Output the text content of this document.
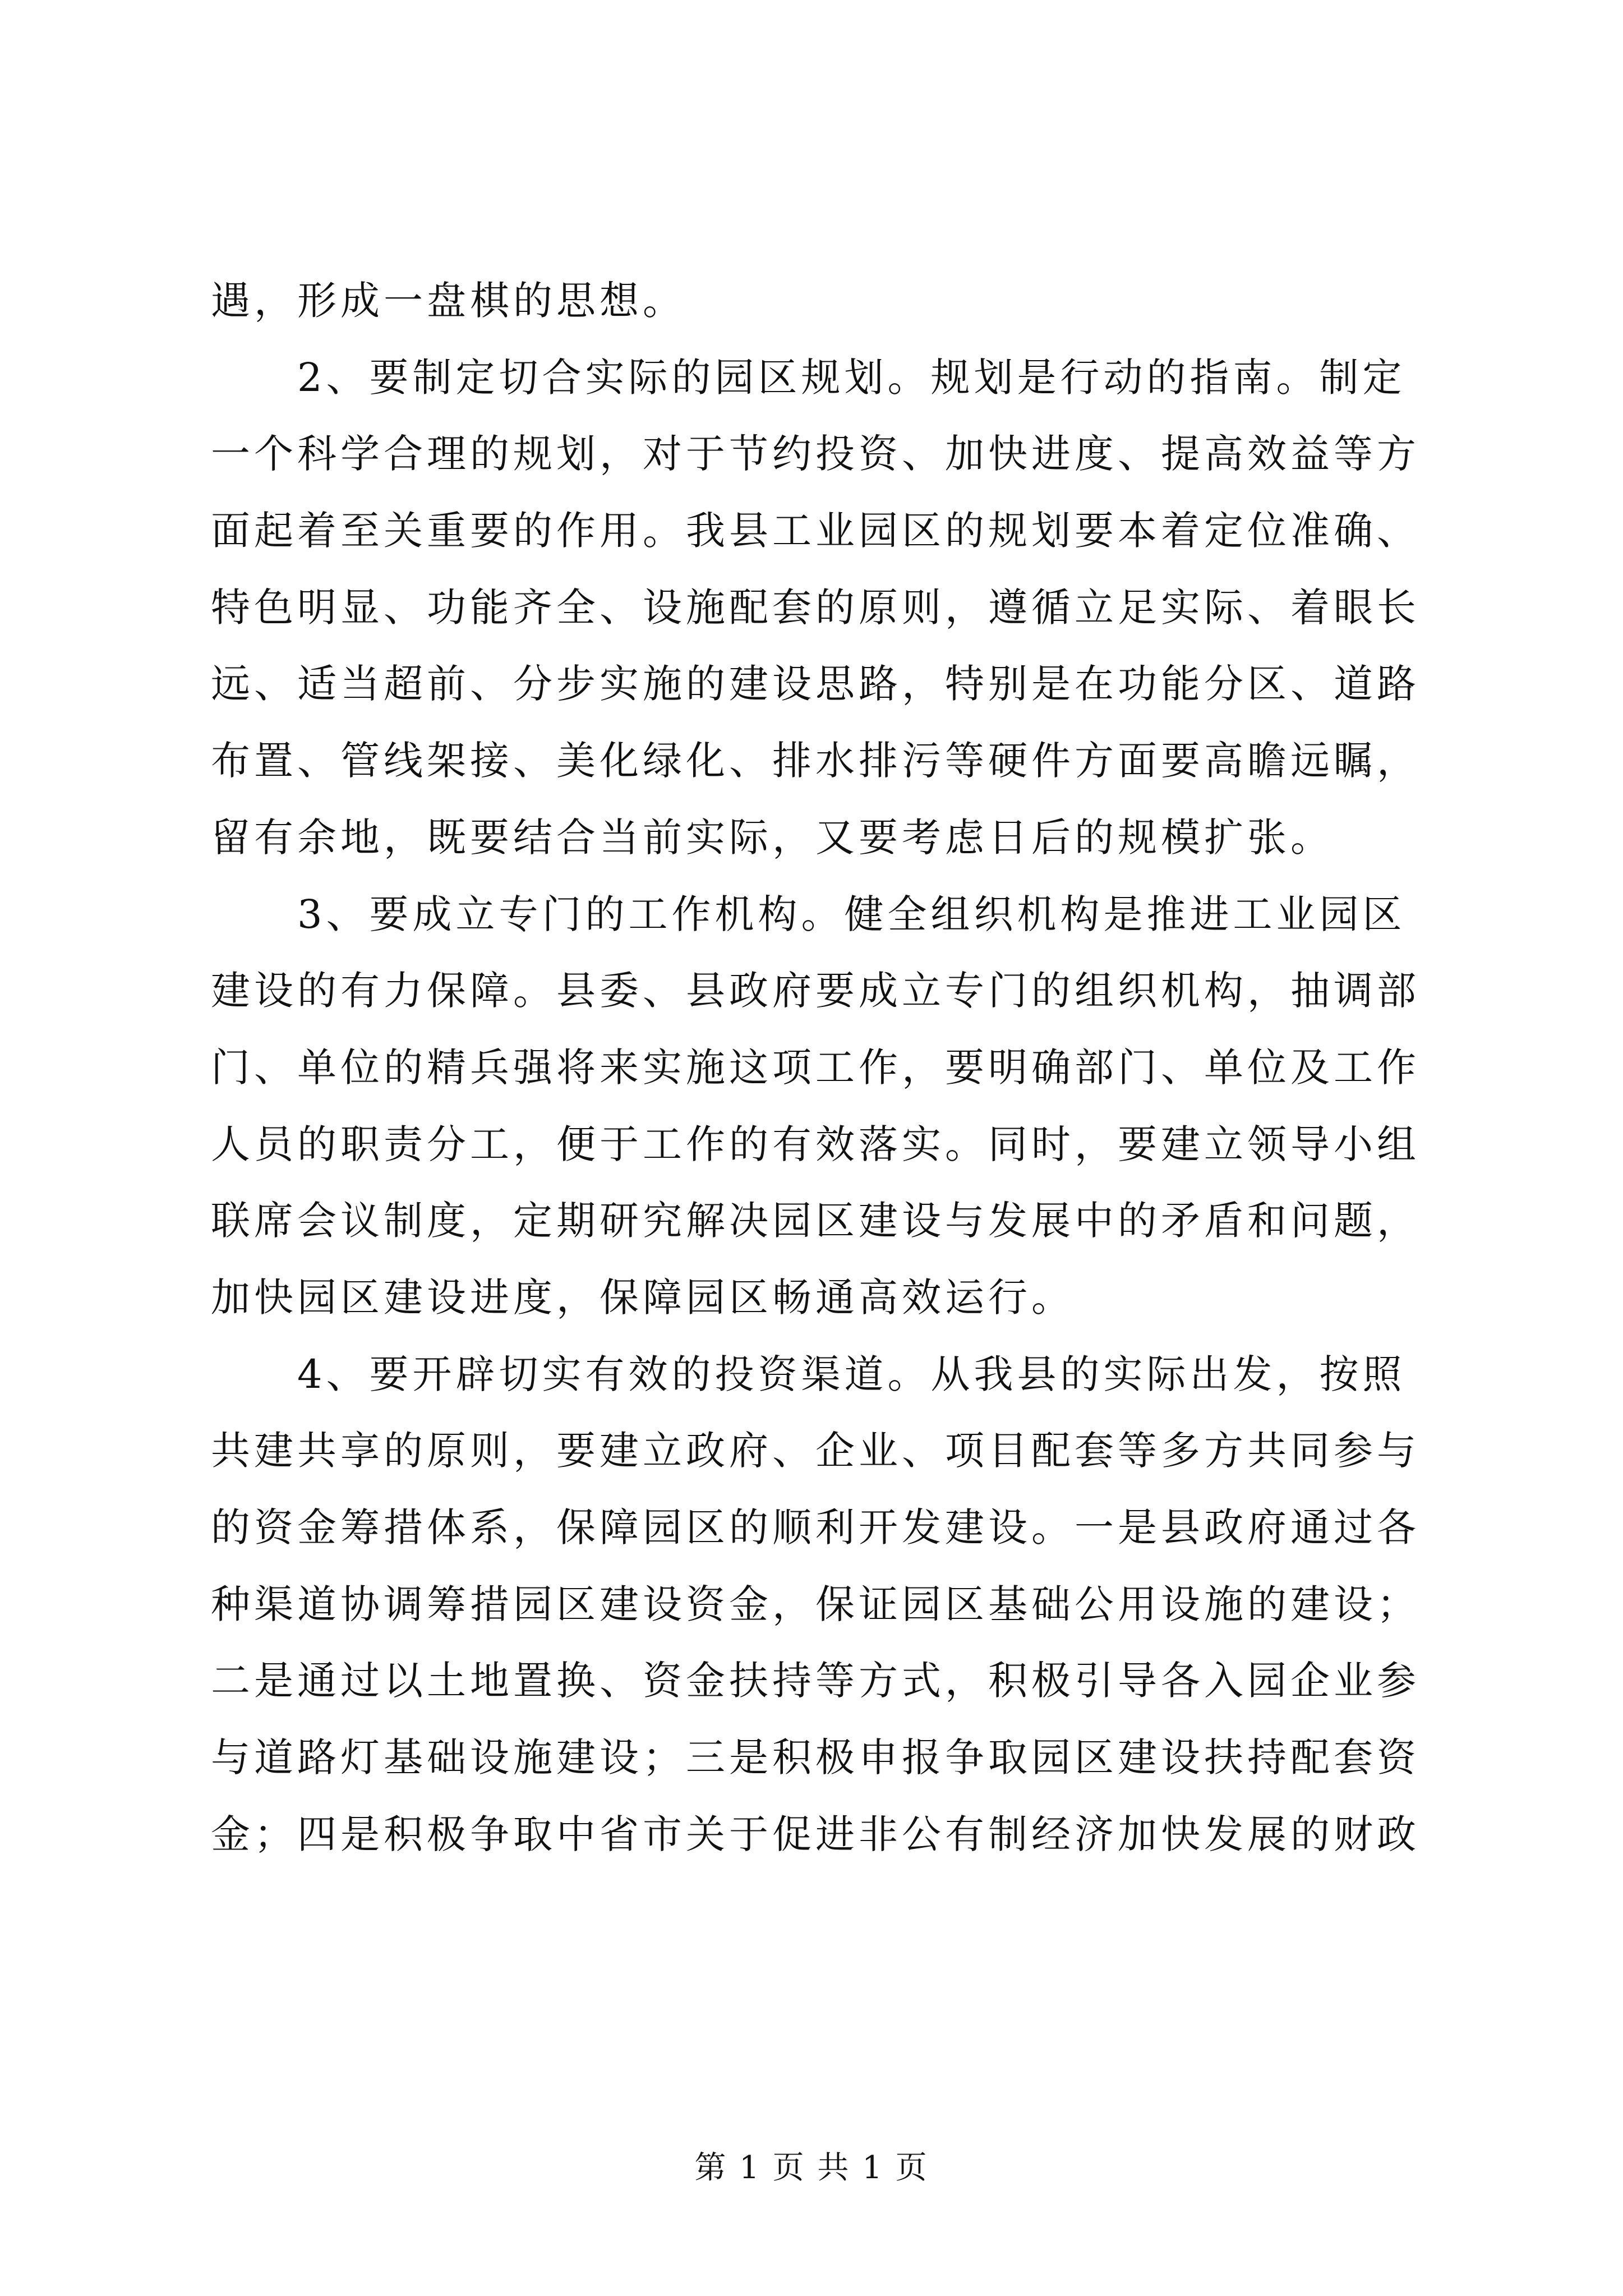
遇，形成一盘棋的思想。
　　2、要制定切合实际的园区规划。规划是行动的指南。制定
一个科学合理的规划，对于节约投资、加快进度、提高效益等方
面起着至关重要的作用。我县工业园区的规划要本着定位准确、
特色明显、功能齐全、设施配套的原则，遵循立足实际、着眼长
远、适当超前、分步实施的建设思路，特别是在功能分区、道路
布置、管线架接、美化绿化、排水排污等硬件方面要高瞻远瞩，
留有余地，既要结合当前实际，又要考虑日后的规模扩张。
　　3、要成立专门的工作机构。健全组织机构是推进工业园区
建设的有力保障。县委、县政府要成立专门的组织机构，抽调部
门、单位的精兵强将来实施这项工作，要明确部门、单位及工作
人员的职责分工，便于工作的有效落实。同时，要建立领导小组
联席会议制度，定期研究解决园区建设与发展中的矛盾和问题，
加快园区建设进度，保障园区畅通高效运行。
　　4、要开辟切实有效的投资渠道。从我县的实际出发，按照
共建共享的原则，要建立政府、企业、项目配套等多方共同参与
的资金筹措体系，保障园区的顺利开发建设。一是县政府通过各
种渠道协调筹措园区建设资金，保证园区基础公用设施的建设；
二是通过以土地置换、资金扶持等方式，积极引导各入园企业参
与道路灯基础设施建设；三是积极申报争取园区建设扶持配套资
金；四是积极争取中省市关于促进非公有制经济加快发展的财政
第 1 页 共 1 页
